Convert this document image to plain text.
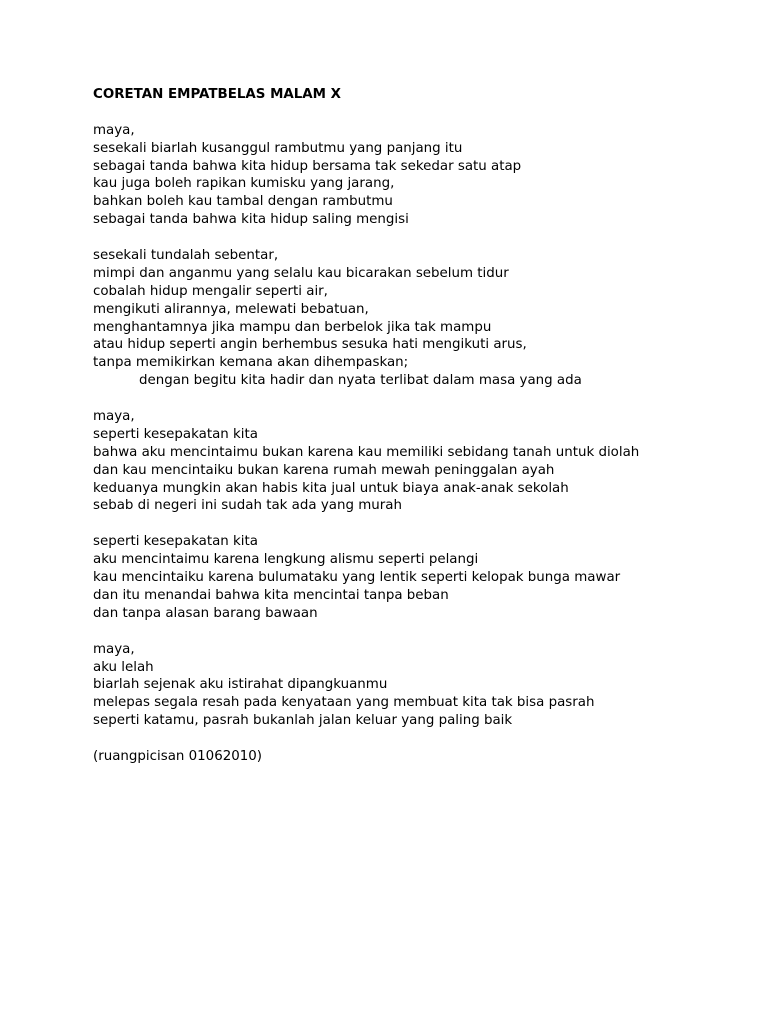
CORETAN EMPATBELAS MALAM X
maya,
sesekali biarlah kusanggul rambutmu yang panjang itu
sebagai tanda bahwa kita hidup bersama tak sekedar satu atap
kau juga boleh rapikan kumisku yang jarang,
bahkan boleh kau tambal dengan rambutmu
sebagai tanda bahwa kita hidup saling mengisi
sesekali tundalah sebentar,
mimpi dan anganmu yang selalu kau bicarakan sebelum tidur
cobalah hidup mengalir seperti air,
mengikuti alirannya, melewati bebatuan,
menghantamnya jika mampu dan berbelok jika tak mampu
atau hidup seperti angin berhembus sesuka hati mengikuti arus,
tanpa memikirkan kemana akan dihempaskan;
dengan begitu kita hadir dan nyata terlibat dalam masa yang ada
maya,
seperti kesepakatan kita
bahwa aku mencintaimu bukan karena kau memiliki sebidang tanah untuk diolah
dan kau mencintaiku bukan karena rumah mewah peninggalan ayah
keduanya mungkin akan habis kita jual untuk biaya anak-anak sekolah
sebab di negeri ini sudah tak ada yang murah
seperti kesepakatan kita
aku mencintaimu karena lengkung alismu seperti pelangi
kau mencintaiku karena bulumataku yang lentik seperti kelopak bunga mawar
dan itu menandai bahwa kita mencintai tanpa beban
dan tanpa alasan barang bawaan
maya,
aku lelah
biarlah sejenak aku istirahat dipangkuanmu
melepas segala resah pada kenyataan yang membuat kita tak bisa pasrah
seperti katamu, pasrah bukanlah jalan keluar yang paling baik
(ruangpicisan 01062010)
